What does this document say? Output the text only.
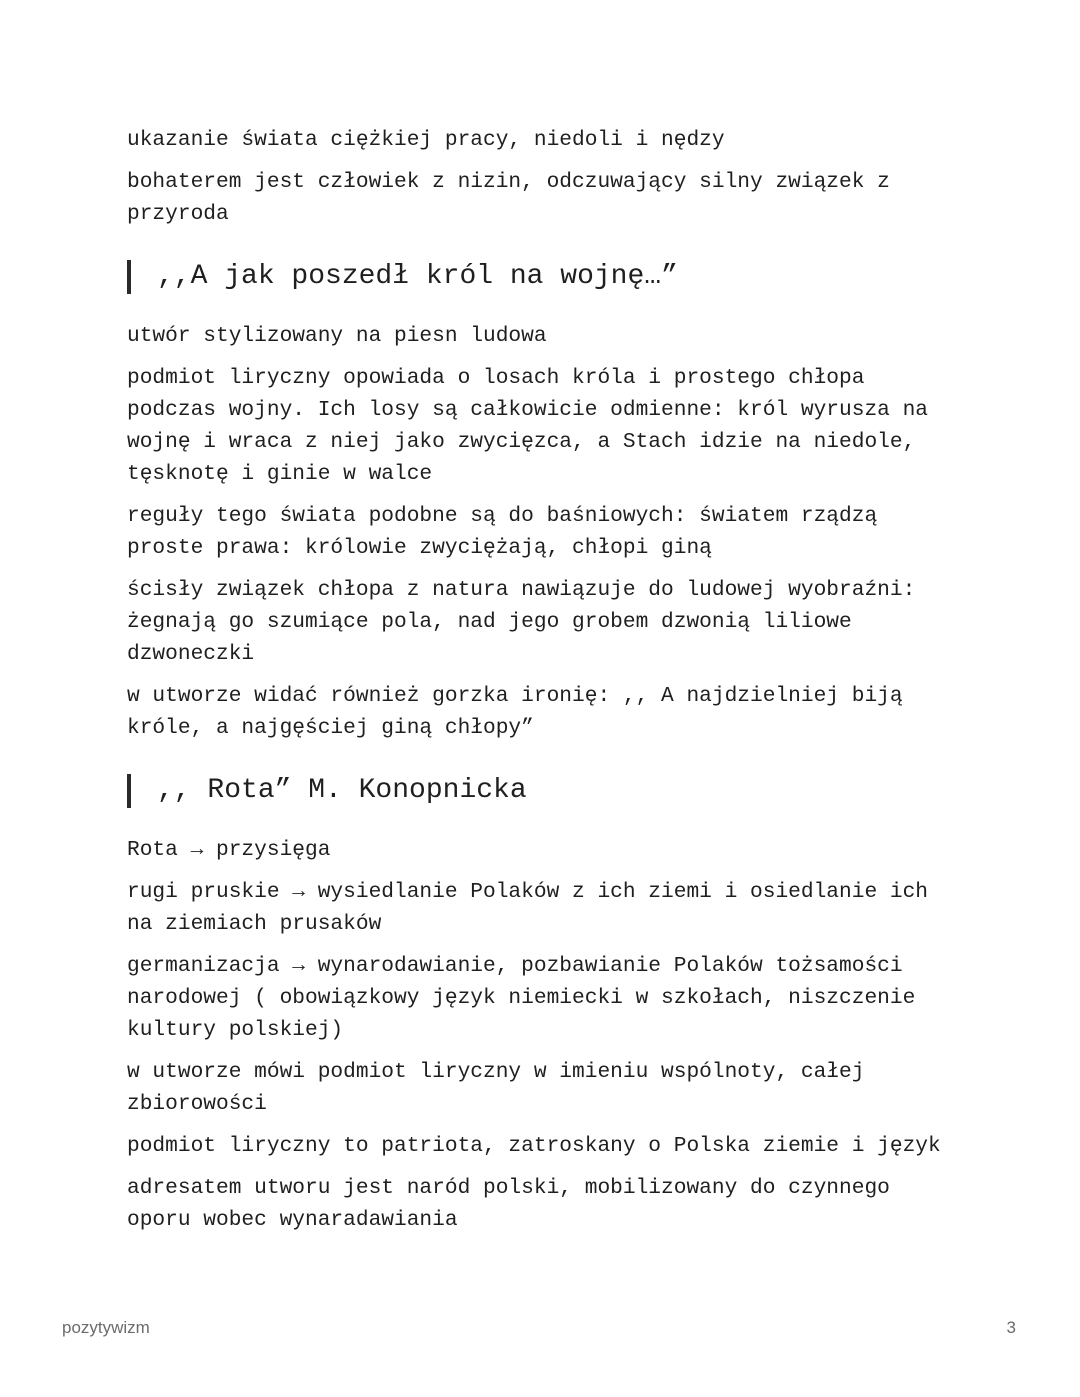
ukazanie świata ciężkiej pracy, niedoli i nędzy

bohaterem jest człowiek z nizin, odczuwający silny związek z przyroda

,,A jak poszedł król na wojnę…”

utwór stylizowany na piesn ludowa

podmiot liryczny opowiada o losach króla i prostego chłopa podczas wojny. Ich losy są całkowicie odmienne: król wyrusza na wojnę i wraca z niej jako zwycięzca, a Stach idzie na niedole, tęsknotę i ginie w walce

reguły tego świata podobne są do baśniowych: światem rządzą proste prawa: królowie zwyciężają, chłopi giną

ścisły związek chłopa z natura nawiązuje do ludowej wyobraźni: żegnają go szumiące pola, nad jego grobem dzwonią liliowe dzwoneczki

w utworze widać również gorzka ironię: ,, A najdzielniej biją króle, a najgęściej giną chłopy”

,, Rota” M. Konopnicka

Rota → przysięga

rugi pruskie → wysiedlanie Polaków z ich ziemi i osiedlanie ich na ziemiach prusaków

germanizacja → wynarodawianie, pozbawianie Polaków tożsamości narodowej ( obowiązkowy język niemiecki w szkołach, niszczenie kultury polskiej)

w utworze mówi podmiot liryczny w imieniu wspólnoty, całej zbiorowości

podmiot liryczny to patriota, zatroskany o Polska ziemie i język

adresatem utworu jest naród polski, mobilizowany do czynnego oporu wobec wynaradawiania

pozytywizm	3
